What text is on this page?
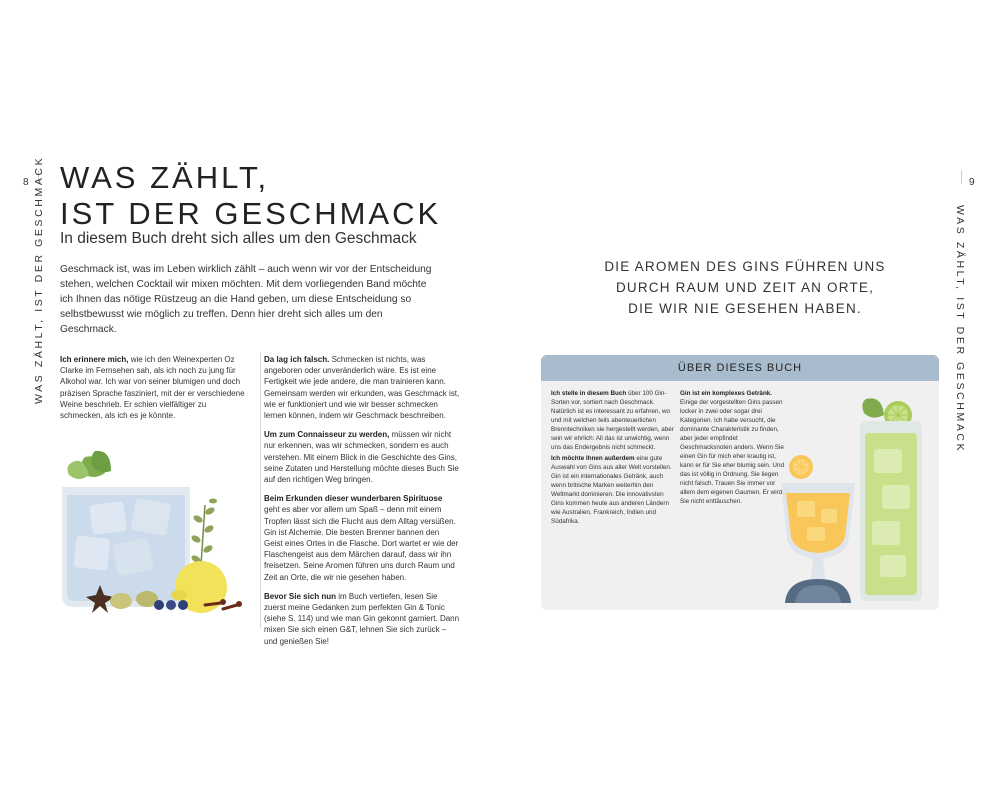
8 WAS ZÄHLT, IST DER GESCHMACK WAS ZÄHLT,
IST DER GESCHMACK
In diesem Buch dreht sich alles um den Geschmack
Geschmack ist, was im Leben wirklich zählt – auch wenn wir vor der Entscheidung stehen, welchen Cocktail wir mixen möchten. Mit dem vorliegenden Band möchte ich Ihnen das nötige Rüstzeug an die Hand geben, um diese Entscheidung so selbstbewusst wie möglich zu treffen. Denn hier dreht sich alles um den Geschmack.

Ich erinnere mich, wie ich den Weinexperten Oz Clarke im Fernsehen sah, als ich noch zu jung für Alkohol war. Ich war von seiner blumigen und doch präzisen Sprache fasziniert, mit der er verschiedene Weine beschrieb. Er schien vielfältiger zu schmecken, als ich es je könnte.

Da lag ich falsch. Schmecken ist nichts, was angeboren oder unveränderlich wäre. Es ist eine Fertigkeit wie jede andere, die man trainieren kann. Gemeinsam werden wir erkunden, was Geschmack ist, wie er funktioniert und wie wir besser schmecken lernen können, indem wir Geschmack beschreiben.

Um zum Connaisseur zu werden, müssen wir nicht nur erkennen, was wir schmecken, sondern es auch verstehen. Mit einem Blick in die Geschichte des Gins, seine Zutaten und Herstellung möchte dieses Buch Sie auf den richtigen Weg bringen.

Beim Erkunden dieser wunderbaren Spirituose
geht es aber vor allem um Spaß – denn mit einem Tropfen lässt sich die Flucht aus dem Alltag versüßen. Gin ist Alchemie. Die besten Brenner bannen den Geist eines Ortes in die Flasche. Dort wartet er wie der Flaschengeist aus dem Märchen darauf, dass wir ihn freisetzen. Seine Aromen führen uns durch Raum und Zeit an Orte, die wir nie gesehen haben.

Bevor Sie sich nun im Buch vertiefen, lesen Sie zuerst meine Gedanken zum perfekten Gin & Tonic (siehe S. 114) und wie man Gin gekonnt garniert. Dann mixen Sie sich einen G&T, lehnen Sie sich zurück – und genießen Sie!

9
WAS ZÄHLT, IST DER GESCHMACK
DIE AROMEN DES GINS FÜHREN UNS
DURCH RAUM UND ZEIT AN ORTE,
DIE WIR NIE GESEHEN HABEN.
ÜBER DIESES BUCH

Ich stelle in diesem Buch über 100 Gin-Sorten vor, sortiert nach Geschmack. Natürlich ist es interessant zu erfahren, wo und mit welchen teils abenteuerlichen Brenntechniken sie hergestellt werden, aber sein wir ehrlich: All das ist unwichtig, wenn uns das Endergebnis nicht schmeckt.

Ich möchte Ihnen außerdem eine gute Auswahl von Gins aus aller Welt vorstellen. Gin ist ein internationales Getränk, auch wenn britische Marken weiterhin den Weltmarkt dominieren. Die innovativsten Gins kommen heute aus anderen Ländern wie Australien, Frankreich, Indien und Südafrika.

Gin ist ein komplexes Getränk. Einige der vorgestellten Gins passen locker in zwei oder sogar drei Kategorien. Ich habe versucht, die dominante Charakteristik zu finden, aber jeder empfindet Geschmacksnoten anders. Wenn Sie einen Gin für mich eher krautig ist, kann er für Sie eher blumig sein. Und das ist völlig in Ordnung. Sie liegen nicht falsch. Trauen Sie immer vor allem dem eigenen Gaumen. Er wird Sie nicht enttäuschen.
